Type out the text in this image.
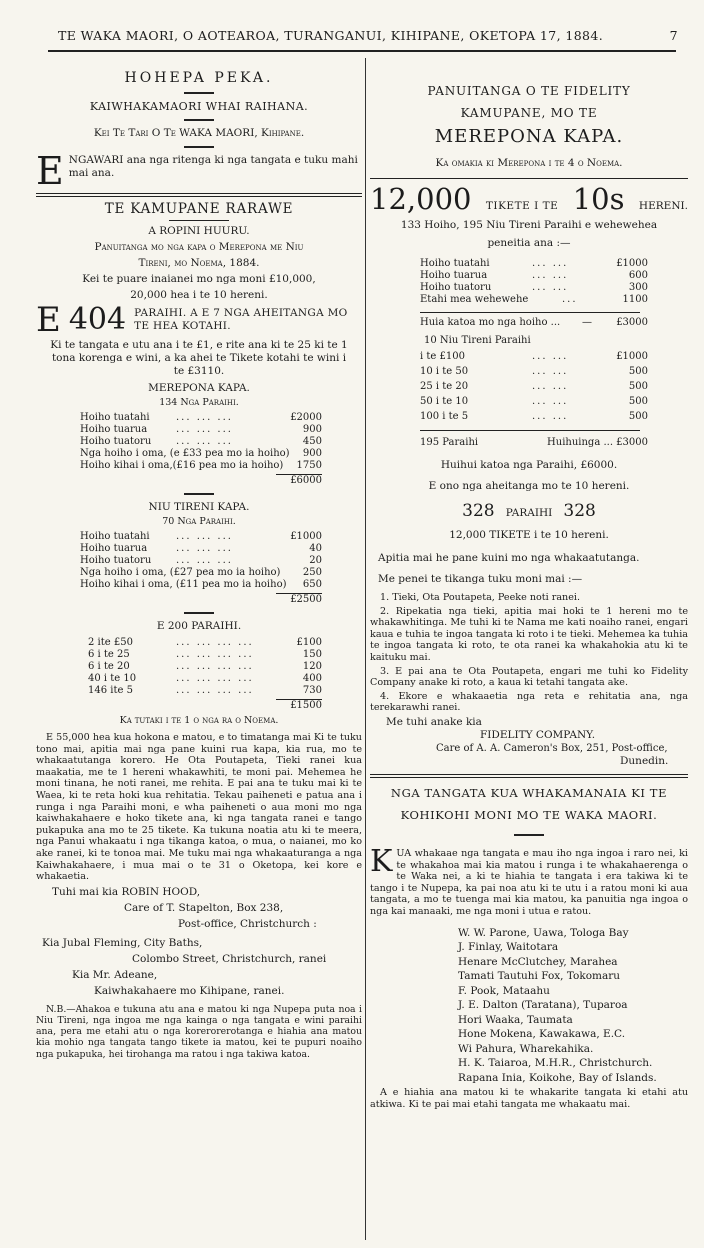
TE WAKA MAORI, O AOTEAROA, TURANGANUI, KIHIPANE, OKETOPA 17, 1884.	7
HOHEPA PEKA.
KAIWHAKAMAORI WHAI RAIHANA.
Kei Te Tari O Te WAKA MAORI, Kihipane.
E NGAWARI ana nga ritenga ki nga tangata e tuku mahi mai ana.
TE KAMUPANE RARAWE
A ROPINI HUURU.
Panuitanga mo nga kapa o Merepona me Niu
Tireni, mo Noema, 1884.
Kei te puare inaianei mo nga moni £10,000,
20,000 hea i te 10 hereni.
E 404 PARAIHI. A E 7 NGA AHEITANGA MO TE HEA KOTAHI.
Ki te tangata e utu ana i te £1, e rite ana ki te 25 ki te 1 tona korenga e wini, a ka ahei te Tikete kotahi te wini i te £3110.
MEREPONA KAPA.
134 Nga Paraihi.
Hoiho tuatahi	... ... ...	£2000
Hoiho tuarua	... ... ...	900
Hoiho tuatoru	... ... ...	450
Nga hoiho i oma, (e £33 pea mo ia hoiho)	900
Hoiho kihai i oma,(£16 pea mo ia hoiho)	1750
£6000
NIU TIRENI KAPA.
70 Nga Paraihi.
Hoiho tuatahi	... ... ...	£1000
Hoiho tuarua	... ... ...	40
Hoiho tuatoru	... ... ...	20
Nga hoiho i oma, (£27 pea mo ia hoiho)	250
Hoiho kihai i oma, (£11 pea mo ia hoiho)	650
£2500
E 200 PARAIHI.
2 ite £50	... ... ... ...	£100
6 i te 25	... ... ... ...	150
6 i te 20	... ... ... ...	120
40 i te 10	... ... ... ...	400
146 ite 5	... ... ... ...	730
£1500
Ka tutaki i te 1 o nga ra o Noema.
E 55,000 hea kua hokona e matou, e to timatanga mai Ki te tuku tono mai, apitia mai nga pane kuini rua kapa, kia rua, mo te whakaatutanga korero. He Ota Poutapeta, Tieki ranei kua maakatia, me te 1 hereni whakawhiti, te moni pai. Mehemea he moni tinana, he noti ranei, me rehita. E pai ana te tuku mai ki te Waea, ki te reta hoki kua rehitatia. Tekau paiheneti e patua ana i runga i nga Paraihi moni, e wha paiheneti o aua moni mo nga kaiwhakahaere e hoko tikete ana, ki nga tangata ranei e tango pukapuka ana mo te 25 tikete. Ka tukuna noatia atu ki te meera, nga Panui whakaatu i nga tikanga katoa, o mua, o naianei, mo ko ake ranei, ki te tonoa mai. Me tuku mai nga whakaaturanga a nga Kaiwhakahaere, i mua mai o te 31 o Oketopa, kei kore e whakaetia.
Tuhi mai kia ROBIN HOOD,
Care of T. Stapelton, Box 238,
Post-office, Christchurch :
Kia Jubal Fleming, City Baths,
Colombo Street, Christchurch, ranei
Kia Mr. Adeane,
Kaiwhakahaere mo Kihipane, ranei.
N.B.—Ahakoa e tukuna atu ana e matou ki nga Nupepa puta noa i Niu Tireni, nga ingoa me nga kainga o nga tangata e wini paraihi ana, pera me etahi atu o nga korerorerotanga e hiahia ana matou kia mohio nga tangata tango tikete ia matou, kei te pupuri noaiho nga pukapuka, hei tirohanga ma ratou i nga takiwa katoa.
PANUITANGA O TE FIDELITY
KAMUPANE, MO TE
MEREPONA KAPA.
Ka omakia ki Merepona i te 4 o Noema.
12,000 TIKETE I TE 10s HERENI.
133 Hoiho, 195 Niu Tireni Paraihi e wehewehea
peneitia ana :—
Hoiho tuatahi	... ...	£1000
Hoiho tuarua	... ...	600
Hoiho tuatoru	... ...	300
Etahi mea wehewehe	...	1100
Huia katoa mo nga hoiho ...	—	£3000
10 Niu Tireni Paraihi
i te £100	... ...	£1000
10 i te 50	... ...	500
25 i te 20	... ...	500
50 i te 10	... ...	500
100 i te 5	... ...	500
195 Paraihi	Huihuinga ... £3000
Huihui katoa nga Paraihi, £6000.
E ono nga aheitanga mo te 10 hereni.
328 PARAIHI 328
12,000 TIKETE i te 10 hereni.
Apitia mai he pane kuini mo nga whakaatutanga.
Me penei te tikanga tuku moni mai :—
1. Tieki, Ota Poutapeta, Peeke noti ranei.
2. Ripekatia nga tieki, apitia mai hoki te 1 hereni mo te whakawhitinga. Me tuhi ki te Nama me kati noaiho ranei, engari kaua e tuhia te ingoa tangata ki roto i te tieki. Mehemea ka tuhia te ingoa tangata ki roto, te ota ranei ka whakahokia atu ki te kaituku mai.
3. E pai ana te Ota Poutapeta, engari me tuhi ko Fidelity Company anake ki roto, a kaua ki tetahi tangata ake.
4. Ekore e whakaaetia nga reta e rehitatia ana, nga terekarawhi ranei.
Me tuhi anake kia
FIDELITY COMPANY.
Care of A. A. Cameron's Box, 251, Post-office,
Dunedin.
NGA TANGATA KUA WHAKAMANAIA KI TE
KOHIKOHI MONI MO TE WAKA MAORI.
K UA whakaae nga tangata e mau iho nga ingoa i raro nei, ki te whakahoa mai kia matou i runga i te whakahaerenga o te Waka nei, a ki te hiahia te tangata i era takiwa ki te tango i te Nupepa, ka pai noa atu ki te utu i a ratou moni ki aua tangata, a mo te tuenga mai kia matou, ka panuitia nga ingoa o nga kai manaaki, me nga moni i utua e ratou.
W. W. Parone, Uawa, Tologa Bay
J. Finlay, Waitotara
Henare McClutchey, Marahea
Tamati Tautuhi Fox, Tokomaru
F. Pook, Mataahu
J. E. Dalton (Taratana), Tuparoa
Hori Waaka, Taumata
Hone Mokena, Kawakawa, E.C.
Wi Pahura, Wharekahika.
H. K. Taiaroa, M.H.R., Christchurch.
Rapana Inia, Koikohe, Bay of Islands.
A e hiahia ana matou ki te whakarite tangata ki etahi atu atkiwa. Ki te pai mai etahi tangata me whakaatu mai.
